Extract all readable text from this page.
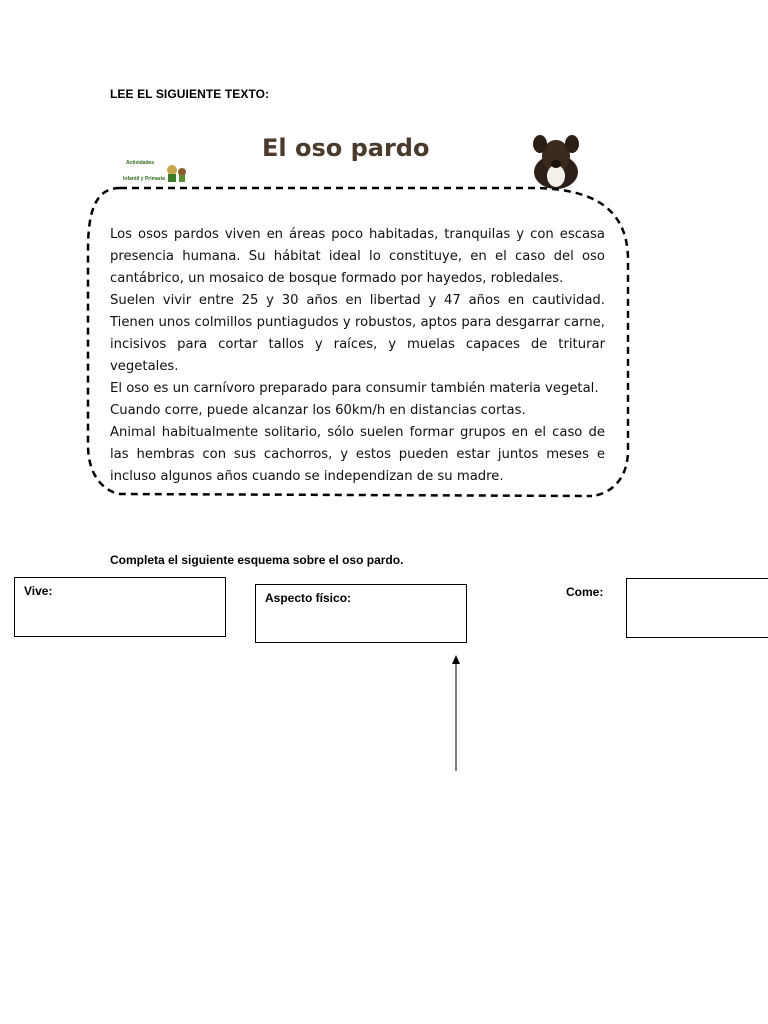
LEE EL SIGUIENTE TEXTO:
Actividades
Infantil y Primaria
El oso pardo

Los osos pardos viven en áreas poco habitadas, tranquilas y con escasa presencia humana. Su hábitat ideal lo constituye, en el caso del oso cantábrico, un mosaico de bosque formado por hayedos, robledales.

Suelen vivir entre 25 y 30 años en libertad y 47 años en cautividad. Tienen unos colmillos puntiagudos y robustos, aptos para desgarrar carne, incisivos para cortar tallos y raíces, y muelas capaces de triturar vegetales.

El oso es un carnívoro preparado para consumir también materia vegetal.

Cuando corre, puede alcanzar los 60km/h en distancias cortas.

Animal habitualmente solitario, sólo suelen formar grupos en el caso de las hembras con sus cachorros, y estos pueden estar juntos meses e incluso algunos años cuando se independizan de su madre.

Completa el siguiente esquema sobre el oso pardo.
Vive:	Aspecto físico:	Come:
